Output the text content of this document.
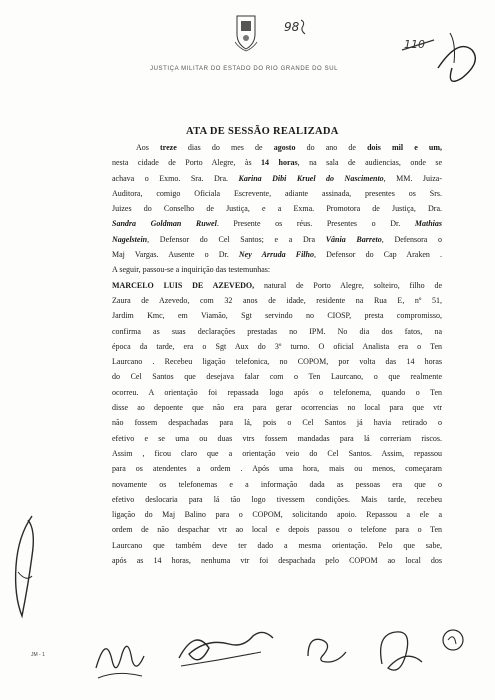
98
110
JUSTIÇA MILITAR DO ESTADO DO RIO GRANDE DO SUL
ATA DE SESSÃO REALIZADA
Aos treze dias do mes de agosto do ano de dois mil e um,
nesta cidade de Porto Alegre, às 14 horas, na sala de audiencias, onde se
achava o Exmo. Sra. Dra. Karina Dibi Kruel do Nascimento, MM. Juiza-
Auditora, comigo Oficiala Escrevente, adiante assinada, presentes os Srs.
Juizes do Conselho de Justiça, e a Exma. Promotora de Justiça, Dra.
Sandra Goldman Ruwel. Presente os réus. Presentes o Dr. Mathias
Nagelstein, Defensor do Cel Santos; e a Dra Vânia Barreto, Defensora o
Maj Vargas. Ausente o Dr. Ney Arruda Filho, Defensor do Cap Araken .
A seguir, passou-se a inquirição das testemunhas:
MARCELO LUIS DE AZEVEDO, natural de Porto Alegre, solteiro, filho de
Zaura de Azevedo, com 32 anos de idade, residente na Rua E, nº 51,
Jardim Kmc, em Viamão, Sgt servindo no CIOSP, presta compromisso,
confirma as suas declarações prestadas no IPM. No dia dos fatos, na
época da tarde, era o Sgt Aux do 3º turno. O oficial Analista era o Ten
Laurcano . Recebeu ligação telefonica, no COPOM, por volta das 14 horas
do Cel Santos que desejava falar com o Ten Laurcano, o que realmente
ocorreu. A orientação foi repassada logo após o telefonema, quando o Ten
disse ao depoente que não era para gerar ocorrencias no local para que vtr
não fossem despachadas para lá, pois o Cel Santos já havia retirado o
efetivo e se uma ou duas vtrs fossem mandadas para lá correriam riscos.
Assim , ficou claro que a orientação veio do Cel Santos. Assim, repassou
para os atendentes a ordem . Após uma hora, mais ou menos, começaram
novamente os telefonemas e a informação dada as pessoas era que o
efetivo deslocaria para lá tão logo tivessem condições. Mais tarde, recebeu
ligação do Maj Balino para o COPOM, solicitando apoio. Repassou a ele a
ordem de não despachar vtr ao local e depois passou o telefone para o Ten
Laurcano que também deve ter dado a mesma orientação. Pelo que sabe,
após as 14 horas, nenhuma vtr foi despachada pelo COPOM ao local dos
JM - 1
